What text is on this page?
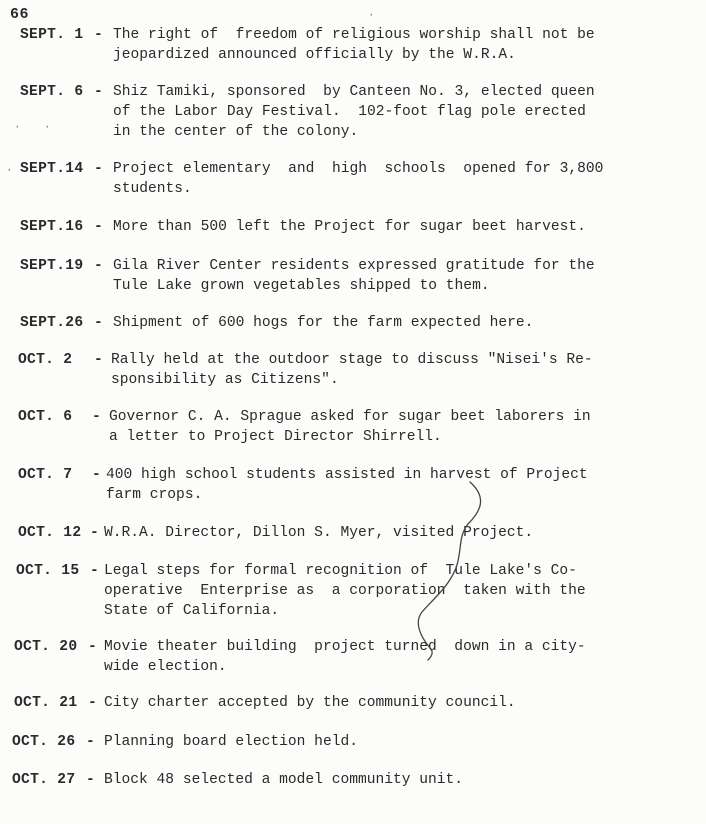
66
SEPT. 1 - The right of  freedom of religious worship shall not be
jeopardized announced officially by the W.R.A.
SEPT. 6 - Shiz Tamiki, sponsored  by Canteen No. 3, elected queen
of the Labor Day Festival.  102-foot flag pole erected
in the center of the colony.
SEPT.14 - Project elementary  and  high  schools  opened for 3,800
students.
SEPT.16 - More than 500 left the Project for sugar beet harvest.
SEPT.19 - Gila River Center residents expressed gratitude for the
Tule Lake grown vegetables shipped to them.
SEPT.26 - Shipment of 600 hogs for the farm expected here.
OCT. 2 - Rally held at the outdoor stage to discuss "Nisei's Re-
sponsibility as Citizens".
OCT. 6 - Governor C. A. Sprague asked for sugar beet laborers in
a letter to Project Director Shirrell.
OCT. 7 - 400 high school students assisted in harvest of Project
farm crops.
OCT. 12 - W.R.A. Director, Dillon S. Myer, visited Project.
OCT. 15 - Legal steps for formal recognition of  Tule Lake's Co-
operative  Enterprise as  a corporation  taken with the
State of California.
OCT. 20 - Movie theater building  project turned  down in a city-
wide election.
OCT. 21 - City charter accepted by the community council.
OCT. 26 - Planning board election held.
OCT. 27 - Block 48 selected a model community unit.
·
· ·
·
